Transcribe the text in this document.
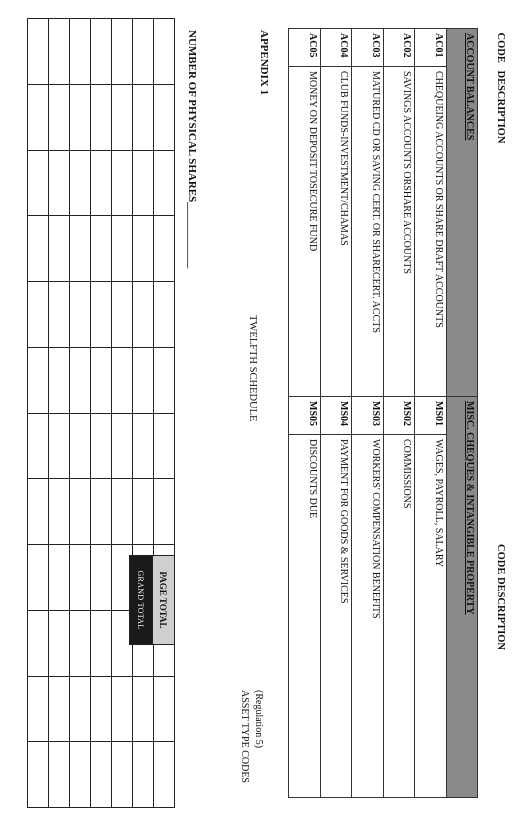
PAGE TOTAL
GRAND TOTAL
NUMBER OF PHYSICAL SHARES____________	APPENDIX 1
TWELFTH SCHEDULE
(Regulation 5)
ASSET TYPE CODES
CODE	DESCRIPTION	CODE DESCRIPTION	
ACCOUNT BALANCES		MISC. CHEQUES & INTANGIBLE PROPERTY	
AC01	CHEQUEING ACCOUNTS OR SHARE DRAFT ACCOUNTS	MS01	WAGES, PAYROLL, SALARY
AC02	SAVINGS ACCOUNTS ORSHARE ACCOUNTS	MS02	COMMISSIONS
AC03	MATURED CD OR SAVING CERT. OR SHARECERT. ACCTS	MS03	WORKERS' COMPENSATION BENEFITS
AC04	CLUB FUNDS-INVESTMENT/CHAMAS	MS04	PAYMENT FOR GOODS & SERVICES
AC05	MONEY ON DEPOSIT TOSECURE FUND	MS05	DISCOUNTS DUE
